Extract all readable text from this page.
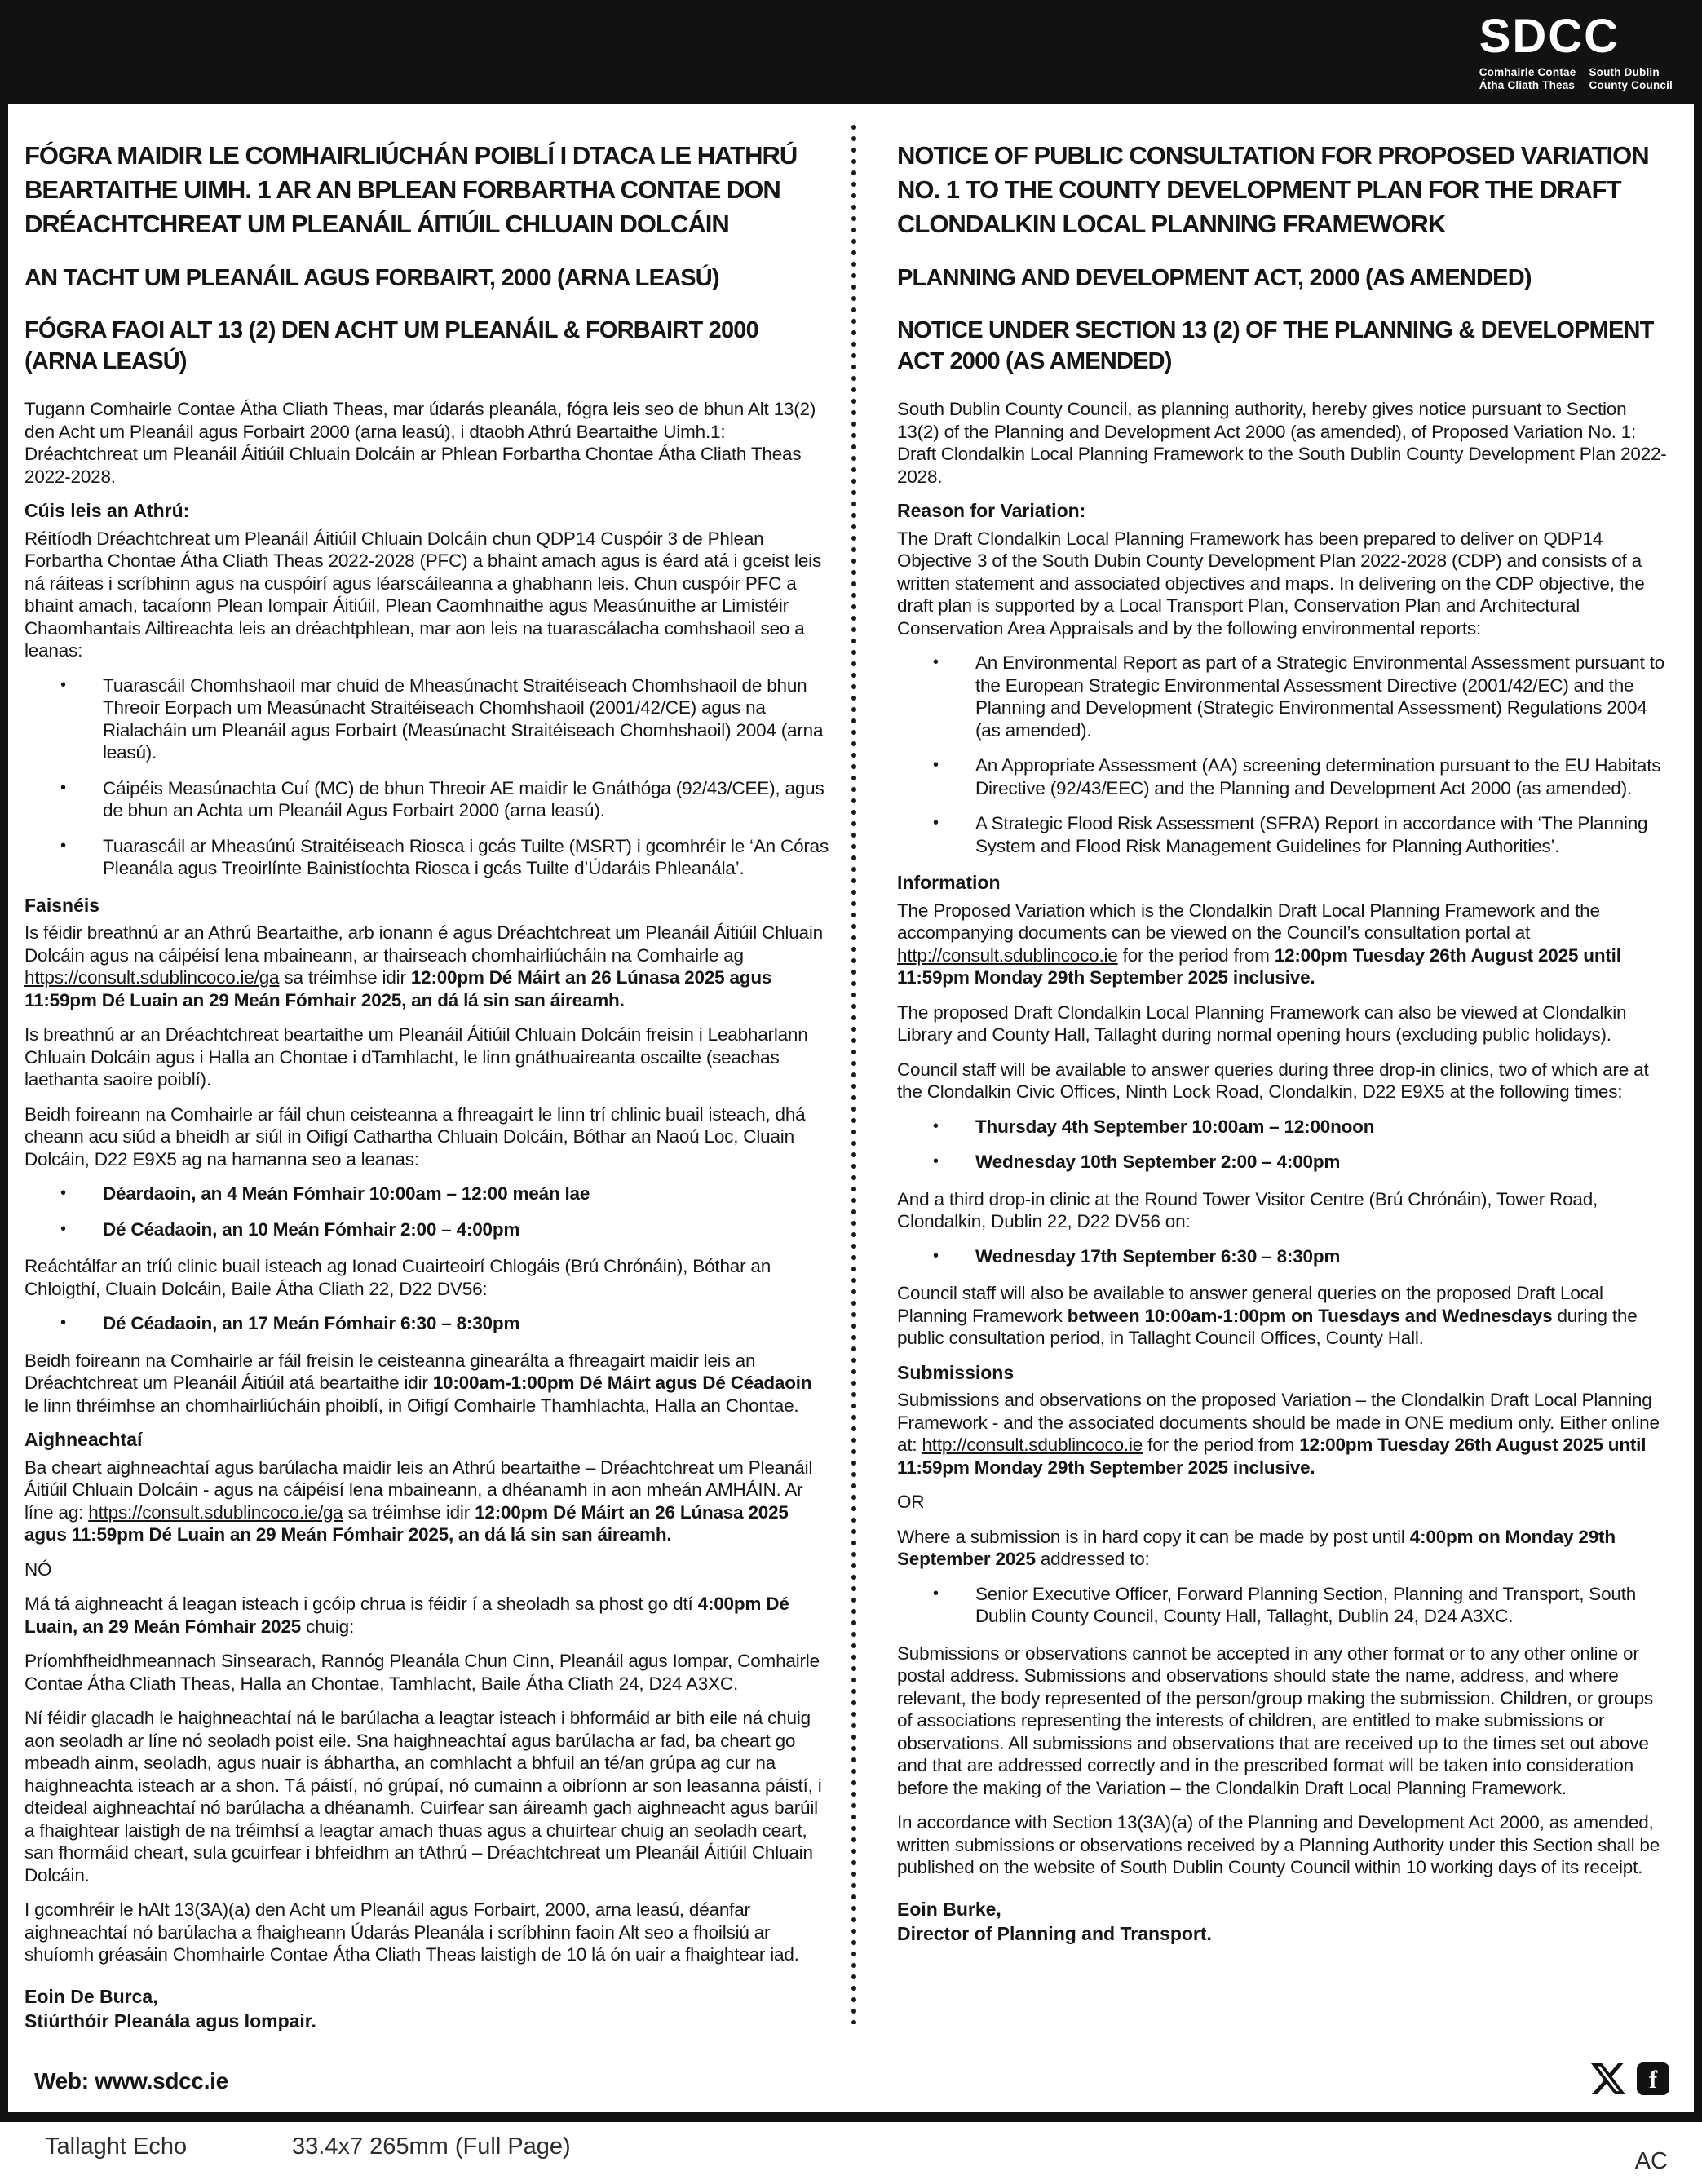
SDCC
Comhairle Contae
Átha Cliath Theas
South Dublin
County Council
FÓGRA MAIDIR LE COMHAIRLIÚCHÁN POIBLÍ I DTACA LE HATHRÚ BEARTAITHE UIMH. 1 AR AN BPLEAN FORBARTHA CONTAE DON DRÉACHTCHREAT UM PLEANÁIL ÁITIÚIL CHLUAIN DOLCÁIN
AN TACHT UM PLEANÁIL AGUS FORBAIRT, 2000 (ARNA LEASÚ)
FÓGRA FAOI ALT 13 (2) DEN ACHT UM PLEANÁIL & FORBAIRT 2000 (ARNA LEASÚ)
Tugann Comhairle Contae Átha Cliath Theas, mar údarás pleanála, fógra leis seo de bhun Alt 13(2) den Acht um Pleanáil agus Forbairt 2000 (arna leasú), i dtaobh Athrú Beartaithe Uimh.1: Dréachtchreat um Pleanáil Áitiúil Chluain Dolcáin ar Phlean Forbartha Chontae Átha Cliath Theas 2022-2028.
Cúis leis an Athrú:
Réitíodh Dréachtchreat um Pleanáil Áitiúil Chluain Dolcáin chun QDP14 Cuspóir 3 de Phlean Forbartha Chontae Átha Cliath Theas 2022-2028 (PFC) a bhaint amach agus is éard atá i gceist leis ná ráiteas i scríbhinn agus na cuspóirí agus léarscáileanna a ghabhann leis. Chun cuspóir PFC a bhaint amach, tacaíonn Plean Iompair Áitiúil, Plean Caomhnaithe agus Measúnuithe ar Limistéir Chaomhantais Ailtireachta leis an dréachtphlean, mar aon leis na tuarascálacha comhshaoil seo a leanas:
•	Tuarascáil Chomhshaoil mar chuid de Mheasúnacht Straitéiseach Chomhshaoil de bhun Threoir Eorpach um Measúnacht Straitéiseach Chomhshaoil (2001/42/CE) agus na Rialacháin um Pleanáil agus Forbairt (Measúnacht Straitéiseach Chomhshaoil) 2004 (arna leasú).
•	Cáipéis Measúnachta Cuí (MC) de bhun Threoir AE maidir le Gnáthóga (92/43/CEE), agus de bhun an Achta um Pleanáil Agus Forbairt 2000 (arna leasú).
•	Tuarascáil ar Mheasúnú Straitéiseach Riosca i gcás Tuilte (MSRT) i gcomhréir le ‘An Córas Pleanála agus Treoirlínte Bainistíochta Riosca i gcás Tuilte d’Údaráis Phleanála’.
Faisnéis
Is féidir breathnú ar an Athrú Beartaithe, arb ionann é agus Dréachtchreat um Pleanáil Áitiúil Chluain Dolcáin agus na cáipéisí lena mbaineann, ar thairseach chomhairliúcháin na Comhairle ag https://consult.sdublincoco.ie/ga sa tréimhse idir 12:00pm Dé Máirt an 26 Lúnasa 2025 agus 11:59pm Dé Luain an 29 Meán Fómhair 2025, an dá lá sin san áireamh.
Is breathnú ar an Dréachtchreat beartaithe um Pleanáil Áitiúil Chluain Dolcáin freisin i Leabharlann Chluain Dolcáin agus i Halla an Chontae i dTamhlacht, le linn gnáthuaireanta oscailte (seachas laethanta saoire poiblí).
Beidh foireann na Comhairle ar fáil chun ceisteanna a fhreagairt le linn trí chlinic buail isteach, dhá cheann acu siúd a bheidh ar siúl in Oifigí Cathartha Chluain Dolcáin, Bóthar an Naoú Loc, Cluain Dolcáin, D22 E9X5 ag na hamanna seo a leanas:
•	Déardaoin, an 4 Meán Fómhair 10:00am – 12:00 meán lae
•	Dé Céadaoin, an 10 Meán Fómhair 2:00 – 4:00pm
Reáchtálfar an tríú clinic buail isteach ag Ionad Cuairteoirí Chlogáis (Brú Chrónáin), Bóthar an Chloigthí, Cluain Dolcáin, Baile Átha Cliath 22, D22 DV56:
•	Dé Céadaoin, an 17 Meán Fómhair 6:30 – 8:30pm
Beidh foireann na Comhairle ar fáil freisin le ceisteanna ginearálta a fhreagairt maidir leis an Dréachtchreat um Pleanáil Áitiúil atá beartaithe idir 10:00am-1:00pm Dé Máirt agus Dé Céadaoin le linn thréimhse an chomhairliúcháin phoiblí, in Oifigí Comhairle Thamhlachta, Halla an Chontae.
Aighneachtaí
Ba cheart aighneachtaí agus barúlacha maidir leis an Athrú beartaithe – Dréachtchreat um Pleanáil Áitiúil Chluain Dolcáin - agus na cáipéisí lena mbaineann, a dhéanamh in aon mheán AMHÁIN. Ar líne ag: https://consult.sdublincoco.ie/ga sa tréimhse idir 12:00pm Dé Máirt an 26 Lúnasa 2025 agus 11:59pm Dé Luain an 29 Meán Fómhair 2025, an dá lá sin san áireamh.
NÓ
Má tá aighneacht á leagan isteach i gcóip chrua is féidir í a sheoladh sa phost go dtí 4:00pm Dé Luain, an 29 Meán Fómhair 2025 chuig:
Príomhfheidhmeannach Sinsearach, Rannóg Pleanála Chun Cinn, Pleanáil agus Iompar, Comhairle Contae Átha Cliath Theas, Halla an Chontae, Tamhlacht, Baile Átha Cliath 24, D24 A3XC.
Ní féidir glacadh le haighneachtaí ná le barúlacha a leagtar isteach i bhformáid ar bith eile ná chuig aon seoladh ar líne nó seoladh poist eile. Sna haighneachtaí agus barúlacha ar fad, ba cheart go mbeadh ainm, seoladh, agus nuair is ábhartha, an comhlacht a bhfuil an té/an grúpa ag cur na haighneachta isteach ar a shon. Tá páistí, nó grúpaí, nó cumainn a oibríonn ar son leasanna páistí, i dteideal aighneachtaí nó barúlacha a dhéanamh. Cuirfear san áireamh gach aighneacht agus barúil a fhaightear laistigh de na tréimhsí a leagtar amach thuas agus a chuirtear chuig an seoladh ceart, san fhormáid cheart, sula gcuirfear i bhfeidhm an tAthrú – Dréachtchreat um Pleanáil Áitiúil Chluain Dolcáin.
I gcomhréir le hAlt 13(3A)(a) den Acht um Pleanáil agus Forbairt, 2000, arna leasú, déanfar aighneachtaí nó barúlacha a fhaigheann Údarás Pleanála i scríbhinn faoin Alt seo a fhoilsiú ar shuíomh gréasáin Chomhairle Contae Átha Cliath Theas laistigh de 10 lá ón uair a fhaightear iad.
Eoin De Burca,
Stiúrthóir Pleanála agus Iompair.
NOTICE OF PUBLIC CONSULTATION FOR PROPOSED VARIATION NO. 1 TO THE COUNTY DEVELOPMENT PLAN FOR THE DRAFT CLONDALKIN LOCAL PLANNING FRAMEWORK
PLANNING AND DEVELOPMENT ACT, 2000 (AS AMENDED)
NOTICE UNDER SECTION 13 (2) OF THE PLANNING & DEVELOPMENT ACT 2000 (AS AMENDED)
South Dublin County Council, as planning authority, hereby gives notice pursuant to Section 13(2) of the Planning and Development Act 2000 (as amended), of Proposed Variation No. 1: Draft Clondalkin Local Planning Framework to the South Dublin County Development Plan 2022-2028.
Reason for Variation:
The Draft Clondalkin Local Planning Framework has been prepared to deliver on QDP14 Objective 3 of the South Dubin County Development Plan 2022-2028 (CDP) and consists of a written statement and associated objectives and maps. In delivering on the CDP objective, the draft plan is supported by a Local Transport Plan, Conservation Plan and Architectural Conservation Area Appraisals and by the following environmental reports:
•	An Environmental Report as part of a Strategic Environmental Assessment pursuant to the European Strategic Environmental Assessment Directive (2001/42/EC) and the Planning and Development (Strategic Environmental Assessment) Regulations 2004 (as amended).
•	An Appropriate Assessment (AA) screening determination pursuant to the EU Habitats Directive (92/43/EEC) and the Planning and Development Act 2000 (as amended).
•	A Strategic Flood Risk Assessment (SFRA) Report in accordance with ‘The Planning System and Flood Risk Management Guidelines for Planning Authorities’.
Information
The Proposed Variation which is the Clondalkin Draft Local Planning Framework and the accompanying documents can be viewed on the Council’s consultation portal at http://consult.sdublincoco.ie for the period from 12:00pm Tuesday 26th August 2025 until 11:59pm Monday 29th September 2025 inclusive.
The proposed Draft Clondalkin Local Planning Framework can also be viewed at Clondalkin Library and County Hall, Tallaght during normal opening hours (excluding public holidays).
Council staff will be available to answer queries during three drop-in clinics, two of which are at the Clondalkin Civic Offices, Ninth Lock Road, Clondalkin, D22 E9X5 at the following times:
•	Thursday 4th September 10:00am – 12:00noon
•	Wednesday 10th September 2:00 – 4:00pm
And a third drop-in clinic at the Round Tower Visitor Centre (Brú Chrónáin), Tower Road, Clondalkin, Dublin 22, D22 DV56 on:
•	Wednesday 17th September 6:30 – 8:30pm
Council staff will also be available to answer general queries on the proposed Draft Local Planning Framework between 10:00am-1:00pm on Tuesdays and Wednesdays during the public consultation period, in Tallaght Council Offices, County Hall.
Submissions
Submissions and observations on the proposed Variation – the Clondalkin Draft Local Planning Framework - and the associated documents should be made in ONE medium only. Either online at: http://consult.sdublincoco.ie for the period from 12:00pm Tuesday 26th August 2025 until 11:59pm Monday 29th September 2025 inclusive.
OR
Where a submission is in hard copy it can be made by post until 4:00pm on Monday 29th September 2025 addressed to:
•	Senior Executive Officer, Forward Planning Section, Planning and Transport, South Dublin County Council, County Hall, Tallaght, Dublin 24, D24 A3XC.
Submissions or observations cannot be accepted in any other format or to any other online or postal address. Submissions and observations should state the name, address, and where relevant, the body represented of the person/group making the submission. Children, or groups of associations representing the interests of children, are entitled to make submissions or observations. All submissions and observations that are received up to the times set out above and that are addressed correctly and in the prescribed format will be taken into consideration before the making of the Variation – the Clondalkin Draft Local Planning Framework.
In accordance with Section 13(3A)(a) of the Planning and Development Act 2000, as amended, written submissions or observations received by a Planning Authority under this Section shall be published on the website of South Dublin County Council within 10 working days of its receipt.
Eoin Burke,
Director of Planning and Transport.
Web: www.sdcc.ie	f
Tallaght Echo	33.4x7 265mm (Full Page)
AC
